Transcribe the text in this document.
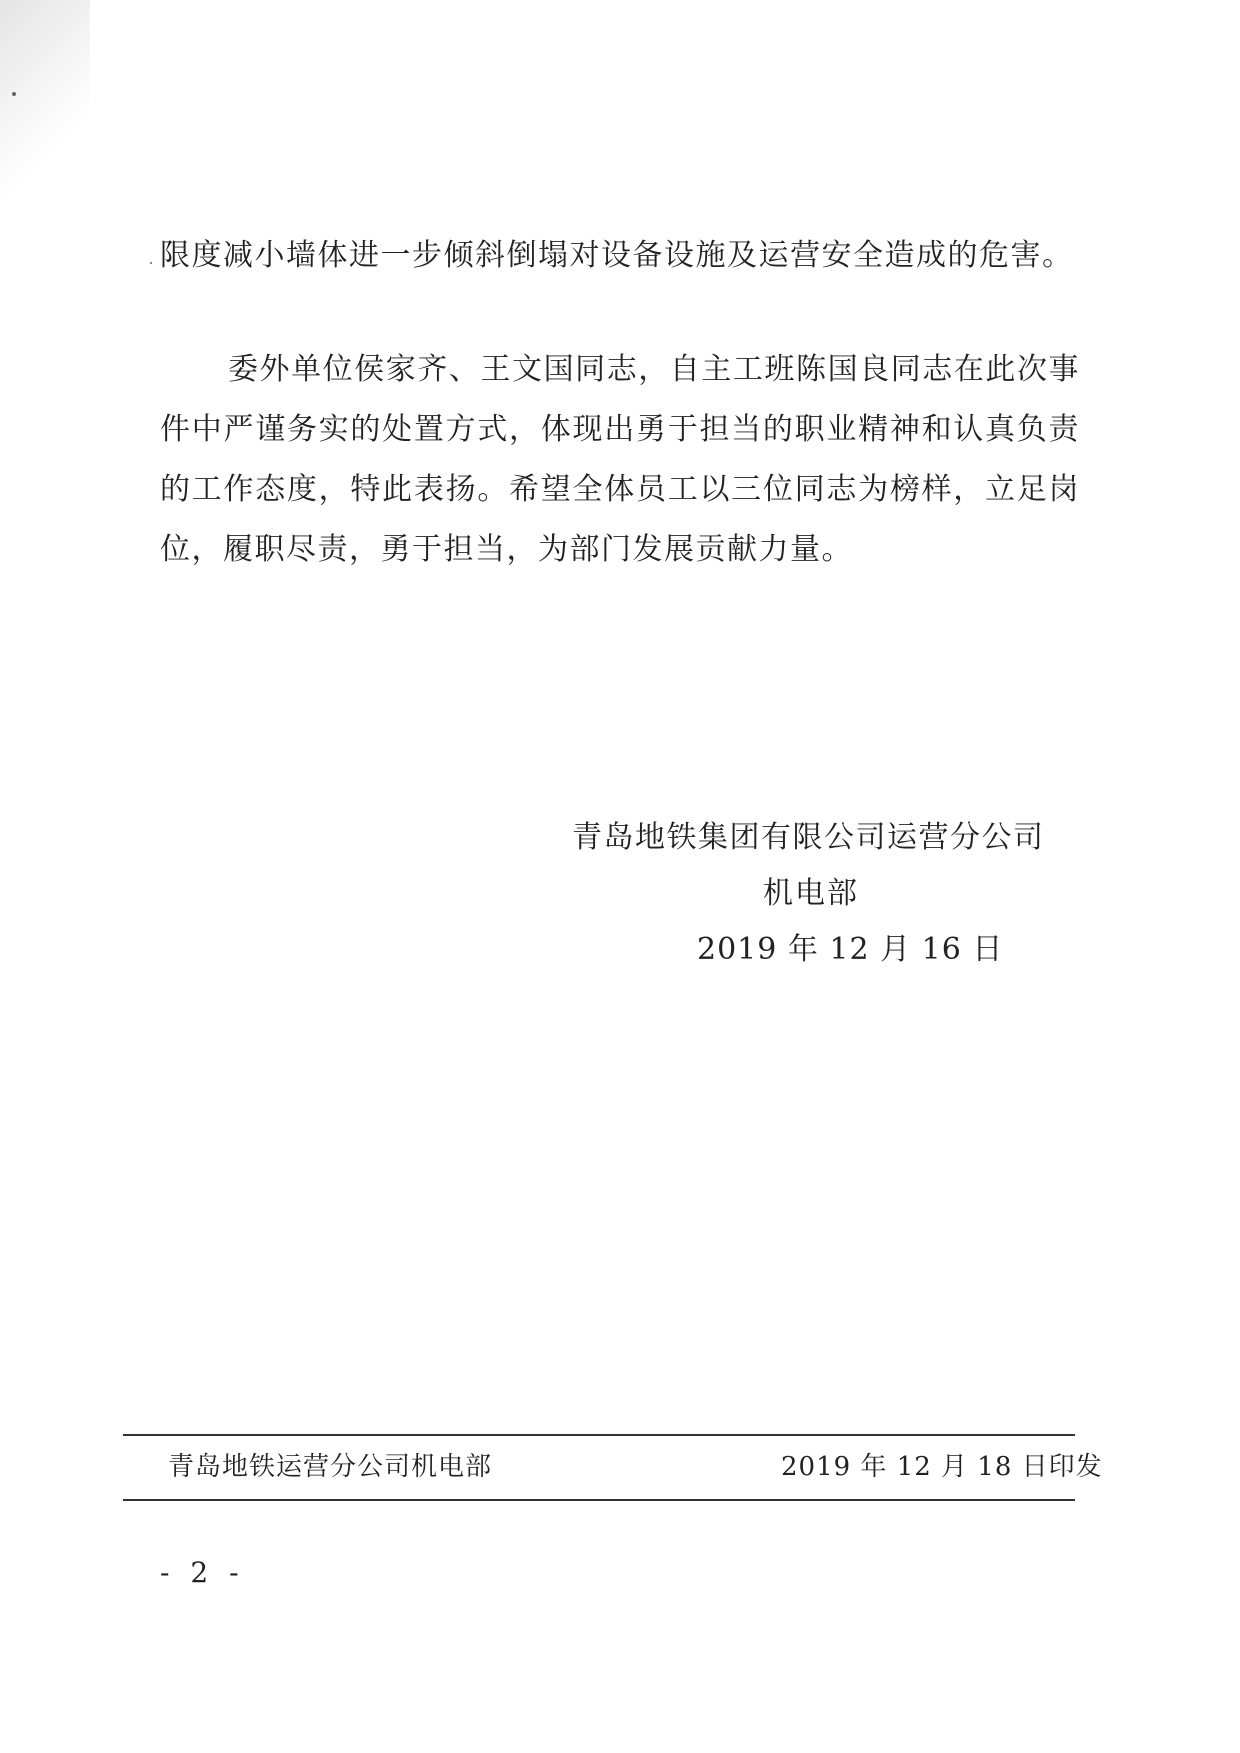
限度减小墙体进一步倾斜倒塌对设备设施及运营安全造成的危害。

委外单位侯家齐、王文国同志，自主工班陈国良同志在此次事件中严谨务实的处置方式，体现出勇于担当的职业精神和认真负责的工作态度，特此表扬。希望全体员工以三位同志为榜样，立足岗位，履职尽责，勇于担当，为部门发展贡献力量。

青岛地铁集团有限公司运营分公司
机电部
2019 年 12 月 16 日
青岛地铁运营分公司机电部	2019 年 12 月 18 日印发
- 2 -
